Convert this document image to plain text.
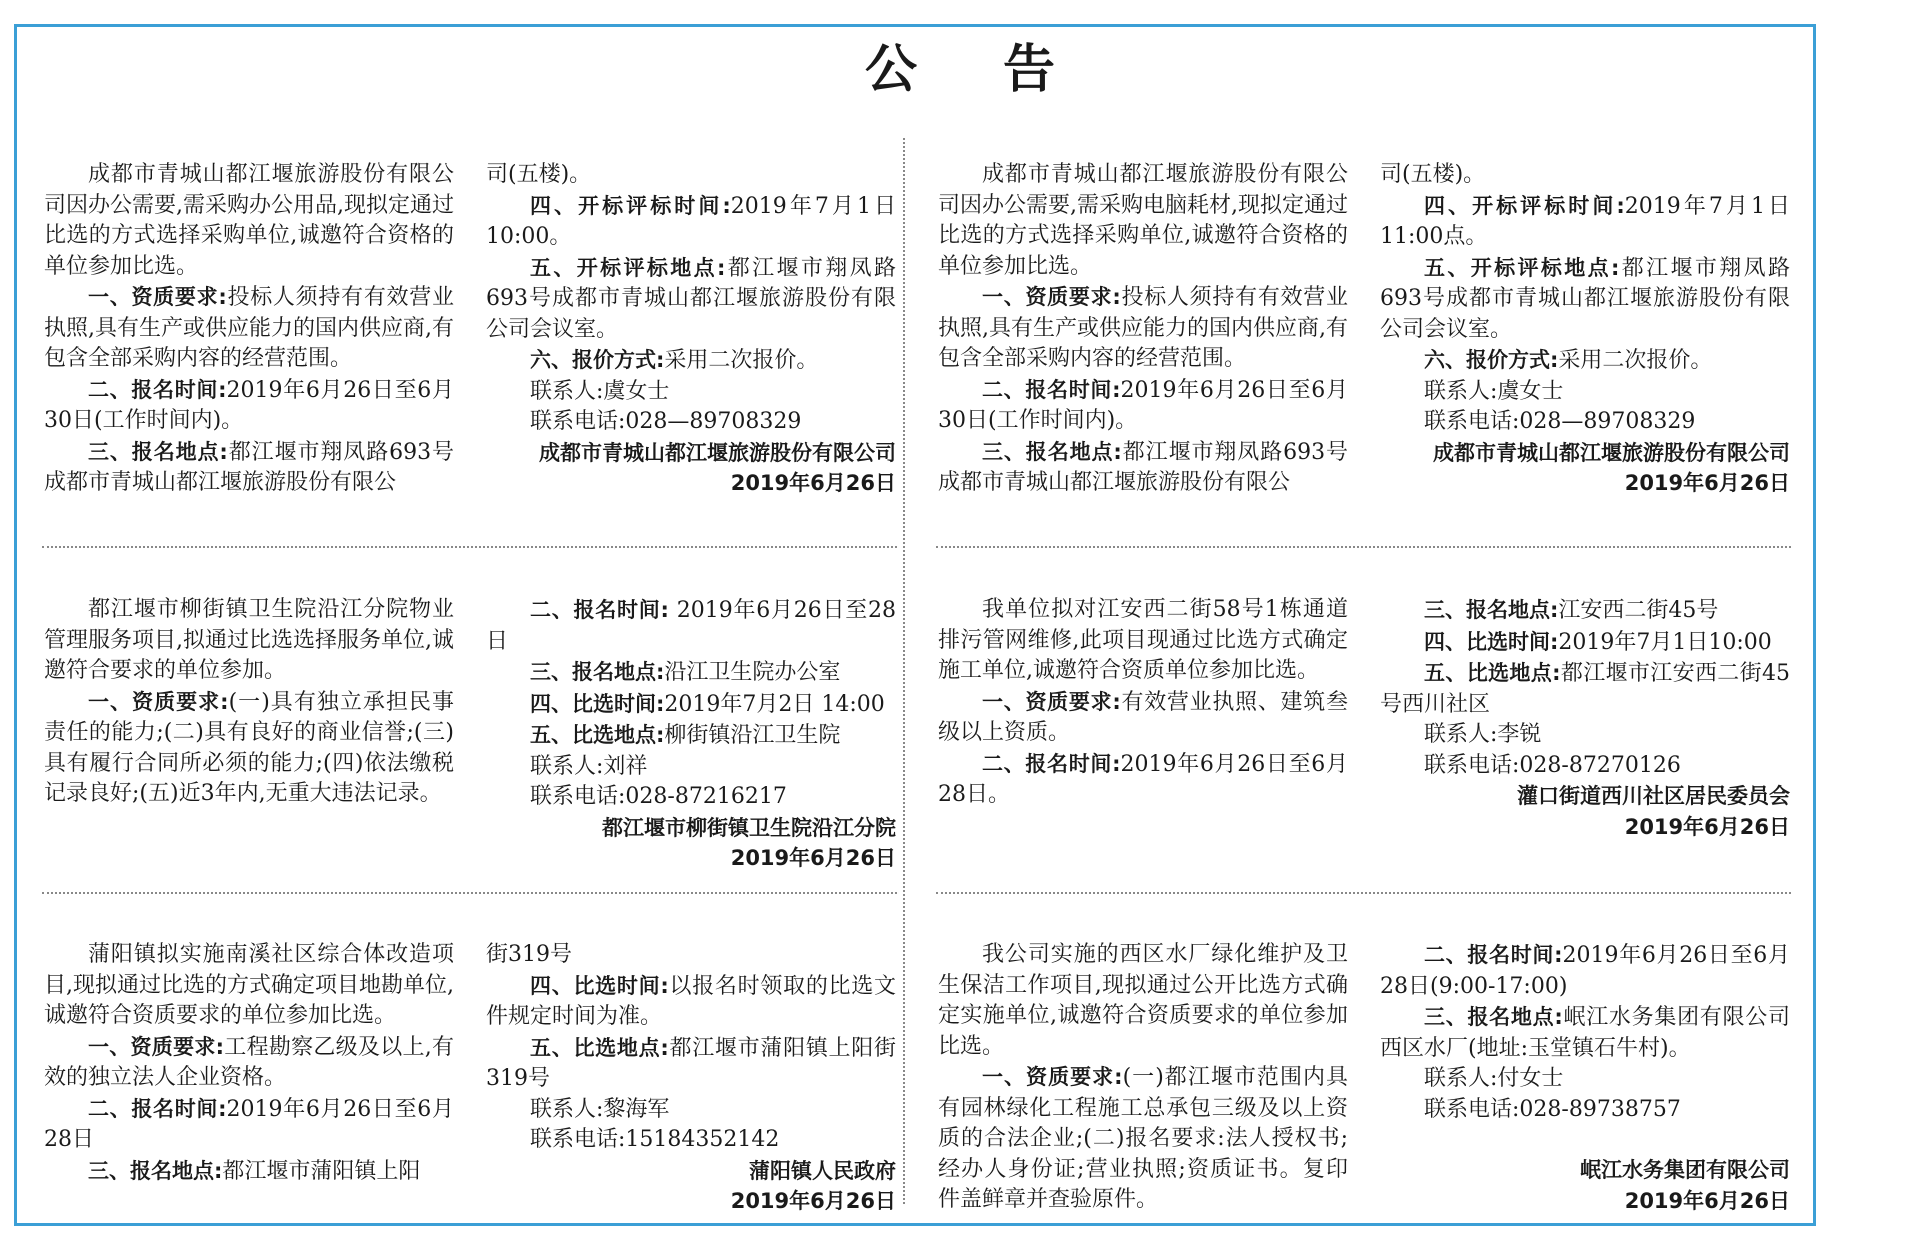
公 告

成都市青城山都江堰旅游股份有限公司因办公需要,需采购办公用品,现拟定通过比选的方式选择采购单位,诚邀符合资格的单位参加比选。

一、资质要求:投标人须持有有效营业执照,具有生产或供应能力的国内供应商,有包含全部采购内容的经营范围。

二、报名时间:2019年6月26日至6月30日(工作时间内)。

三、报名地点:都江堰市翔凤路693号成都市青城山都江堰旅游股份有限公

司(五楼)。

四、开标评标时间:2019年7月1日10:00。

五、开标评标地点:都江堰市翔凤路693号成都市青城山都江堰旅游股份有限公司会议室。

六、报价方式:采用二次报价。

联系人:虞女士

联系电话:028—89708329

成都市青城山都江堰旅游股份有限公司

2019年6月26日

成都市青城山都江堰旅游股份有限公司因办公需要,需采购电脑耗材,现拟定通过比选的方式选择采购单位,诚邀符合资格的单位参加比选。

一、资质要求:投标人须持有有效营业执照,具有生产或供应能力的国内供应商,有包含全部采购内容的经营范围。

二、报名时间:2019年6月26日至6月30日(工作时间内)。

三、报名地点:都江堰市翔凤路693号成都市青城山都江堰旅游股份有限公

司(五楼)。

四、开标评标时间:2019年7月1日11:00点。

五、开标评标地点:都江堰市翔凤路693号成都市青城山都江堰旅游股份有限公司会议室。

六、报价方式:采用二次报价。

联系人:虞女士

联系电话:028—89708329

成都市青城山都江堰旅游股份有限公司

2019年6月26日

都江堰市柳街镇卫生院沿江分院物业管理服务项目,拟通过比选选择服务单位,诚邀符合要求的单位参加。

一、资质要求:(一)具有独立承担民事责任的能力;(二)具有良好的商业信誉;(三)具有履行合同所必须的能力;(四)依法缴税记录良好;(五)近3年内,无重大违法记录。

二、报名时间: 2019年6月26日至28日

三、报名地点:沿江卫生院办公室

四、比选时间:2019年7月2日 14:00

五、比选地点:柳街镇沿江卫生院

联系人:刘祥

联系电话:028-87216217

都江堰市柳街镇卫生院沿江分院

2019年6月26日

我单位拟对江安西二街58号1栋通道排污管网维修,此项目现通过比选方式确定施工单位,诚邀符合资质单位参加比选。

一、资质要求:有效营业执照、建筑叁级以上资质。

二、报名时间:2019年6月26日至6月28日。

三、报名地点:江安西二街45号

四、比选时间:2019年7月1日10:00

五、比选地点:都江堰市江安西二街45号西川社区

联系人:李锐

联系电话:028-87270126

灌口街道西川社区居民委员会

2019年6月26日

蒲阳镇拟实施南溪社区综合体改造项目,现拟通过比选的方式确定项目地勘单位,诚邀符合资质要求的单位参加比选。

一、资质要求:工程勘察乙级及以上,有效的独立法人企业资格。

二、报名时间:2019年6月26日至6月28日

三、报名地点:都江堰市蒲阳镇上阳

街319号

四、比选时间:以报名时领取的比选文件规定时间为准。

五、比选地点:都江堰市蒲阳镇上阳街319号

联系人:黎海军

联系电话:15184352142

蒲阳镇人民政府

2019年6月26日

我公司实施的西区水厂绿化维护及卫生保洁工作项目,现拟通过公开比选方式确定实施单位,诚邀符合资质要求的单位参加比选。

一、资质要求:(一)都江堰市范围内具有园林绿化工程施工总承包三级及以上资质的合法企业;(二)报名要求:法人授权书;经办人身份证;营业执照;资质证书。复印件盖鲜章并查验原件。

二、报名时间:2019年6月26日至6月28日(9:00-17:00)

三、报名地点:岷江水务集团有限公司西区水厂(地址:玉堂镇石牛村)。

联系人:付女士

联系电话:028-89738757

岷江水务集团有限公司

2019年6月26日
